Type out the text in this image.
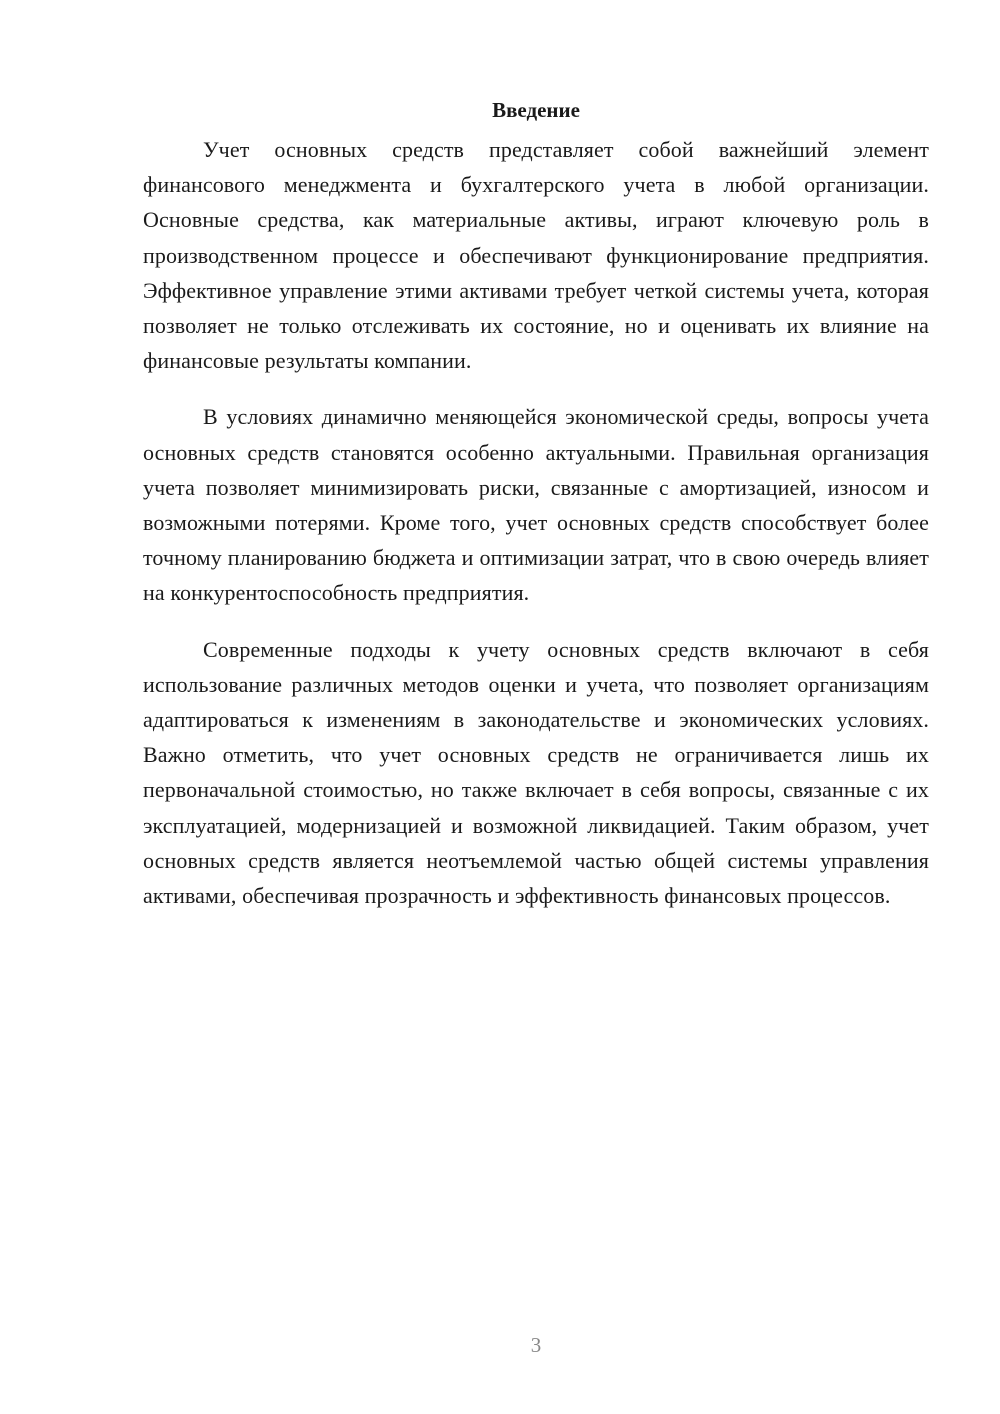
Введение

Учет основных средств представляет собой важнейший элемент финансового менеджмента и бухгалтерского учета в любой организации. Основные средства, как материальные активы, играют ключевую роль в производственном процессе и обеспечивают функционирование предприятия. Эффективное управление этими активами требует четкой системы учета, которая позволяет не только отслеживать их состояние, но и оценивать их влияние на финансовые результаты компании.

В условиях динамично меняющейся экономической среды, вопросы учета основных средств становятся особенно актуальными. Правильная организация учета позволяет минимизировать риски, связанные с амортизацией, износом и возможными потерями. Кроме того, учет основных средств способствует более точному планированию бюджета и оптимизации затрат, что в свою очередь влияет на конкурентоспособность предприятия.

Современные подходы к учету основных средств включают в себя использование различных методов оценки и учета, что позволяет организациям адаптироваться к изменениям в законодательстве и экономических условиях. Важно отметить, что учет основных средств не ограничивается лишь их первоначальной стоимостью, но также включает в себя вопросы, связанные с их эксплуатацией, модернизацией и возможной ликвидацией. Таким образом, учет основных средств является неотъемлемой частью общей системы управления активами, обеспечивая прозрачность и эффективность финансовых процессов.

3
